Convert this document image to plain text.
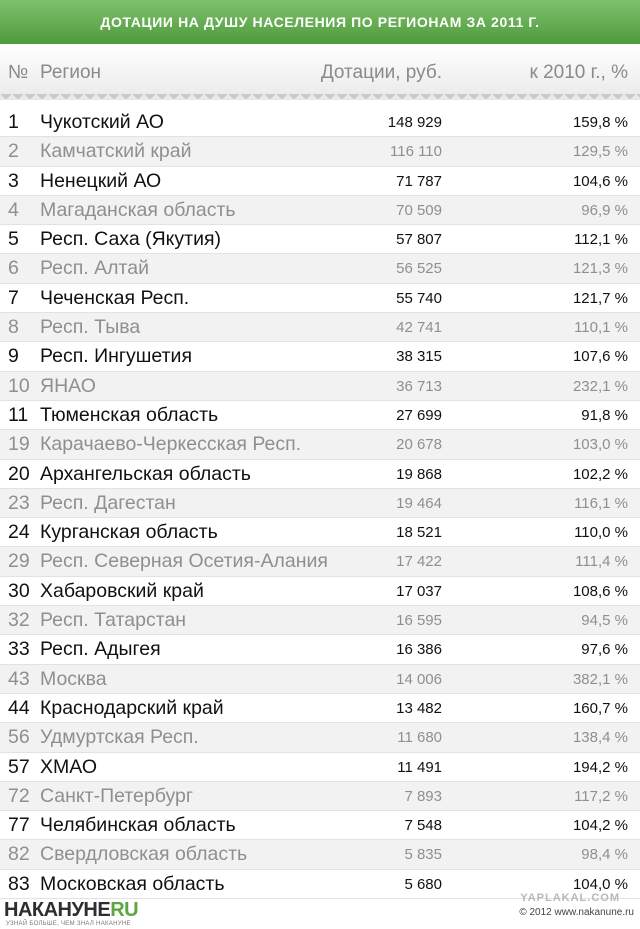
ДОТАЦИИ НА ДУШУ НАСЕЛЕНИЯ ПО РЕГИОНАМ ЗА 2011 Г.
№ Регион	Дотации, руб.	к 2010 г., %
1 Чукотский АО	148 929	159,8 %
2 Камчатский край	116 110	129,5 %
3 Ненецкий АО	71 787	104,6 %
4 Магаданская область	70 509	96,9 %
5 Респ. Саха (Якутия)	57 807	112,1 %
6 Респ. Алтай	56 525	121,3 %
7 Чеченская Респ.	55 740	121,7 %
8 Респ. Тыва	42 741	110,1 %
9 Респ. Ингушетия	38 315	107,6 %
10 ЯНАО	36 713	232,1 %
11 Тюменская область	27 699	91,8 %
19 Карачаево-Черкесская Респ.	20 678	103,0 %
20 Архангельская область	19 868	102,2 %
23 Респ. Дагестан	19 464	116,1 %
24 Курганская область	18 521	110,0 %
29 Респ. Северная Осетия-Алания	17 422	111,4 %
30 Хабаровский край	17 037	108,6 %
32 Респ. Татарстан	16 595	94,5 %
33 Респ. Адыгея	16 386	97,6 %
43 Москва	14 006	382,1 %
44 Краснодарский край	13 482	160,7 %
56 Удмуртская Респ.	11 680	138,4 %
57 ХМАО	11 491	194,2 %
72 Санкт-Петербург	7 893	117,2 %
77 Челябинская область	7 548	104,2 %
82 Свердловская область	5 835	98,4 %
83 Московская область	5 680	104,0 %
НАКАНУНЕRU
УЗНАЙ БОЛЬШЕ, ЧЕМ ЗНАЛ НАКАНУНЕ
YAPLAKAL.COM
© 2012 www.nakanune.ru
